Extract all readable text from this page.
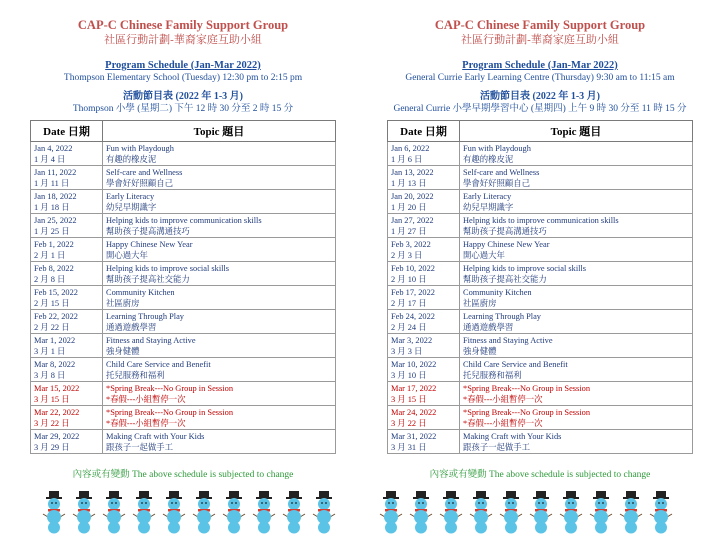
CAP-C Chinese Family Support Group
社區行動計劃-華裔家庭互助小組
Program Schedule (Jan-Mar 2022)
Thompson Elementary School (Tuesday) 12:30 pm to 2:15 pm
活動節目表 (2022 年 1-3 月)
Thompson 小學 (星期二) 下午 12 時 30 分至 2 時 15 分
Date 日期	Topic 題目

Jan 4, 2022
1 月 4 日	Fun with Playdough
有趣的橡皮泥

Jan 11, 2022
1 月 11 日	Self-care and Wellness
學會好好照顧自己

Jan 18, 2022
1 月 18 日	Early Literacy
幼兒早期識字

Jan 25, 2022
1 月 25 日	Helping kids to improve communication skills
幫助孩子提高溝通技巧

Feb 1, 2022
2 月 1 日	Happy Chinese New Year
開心過大年

Feb 8, 2022
2 月 8 日	Helping kids to improve social skills
幫助孩子提高社交能力

Feb 15, 2022
2 月 15 日	Community Kitchen
社區廚房

Feb 22, 2022
2 月 22 日	Learning Through Play
通過遊戲學習

Mar 1, 2022
3 月 1 日	Fitness and Staying Active
強身健體

Mar 8, 2022
3 月 8 日	Child Care Service and Benefit
托兒服務和福利

Mar 15, 2022
3 月 15 日	*Spring Break---No Group in Session
*春假---小組暫停一次

Mar 22, 2022
3 月 22 日	*Spring Break---No Group in Session
*春假---小組暫停一次

Mar 29, 2022
3 月 29 日	Making Craft with Your Kids
跟孩子一起做手工
內容或有變動 The above schedule is subjected to change
CAP-C Chinese Family Support Group
社區行動計劃-華裔家庭互助小組
Program Schedule (Jan-Mar 2022)
General Currie Early Learning Centre (Thursday) 9:30 am to 11:15 am
活動節目表 (2022 年 1-3 月)
General Currie 小學早期學習中心 (星期四) 上午 9 時 30 分至 11 時 15 分
Date 日期	Topic 題目

Jan 6, 2022
1 月 6 日	Fun with Playdough
有趣的橡皮泥

Jan 13, 2022
1 月 13 日	Self-care and Wellness
學會好好照顧自己

Jan 20, 2022
1 月 20 日	Early Literacy
幼兒早期識字

Jan 27, 2022
1 月 27 日	Helping kids to improve communication skills
幫助孩子提高溝通技巧

Feb 3, 2022
2 月 3 日	Happy Chinese New Year
開心過大年

Feb 10, 2022
2 月 10 日	Helping kids to improve social skills
幫助孩子提高社交能力

Feb 17, 2022
2 月 17 日	Community Kitchen
社區廚房

Feb 24, 2022
2 月 24 日	Learning Through Play
通過遊戲學習

Mar 3, 2022
3 月 3 日	Fitness and Staying Active
強身健體

Mar 10, 2022
3 月 10 日	Child Care Service and Benefit
托兒服務和福利

Mar 17, 2022
3 月 15 日	*Spring Break---No Group in Session
*春假---小組暫停一次

Mar 24, 2022
3 月 22 日	*Spring Break---No Group in Session
*春假---小組暫停一次

Mar 31, 2022
3 月 31 日	Making Craft with Your Kids
跟孩子一起做手工
內容或有變動 The above schedule is subjected to change
